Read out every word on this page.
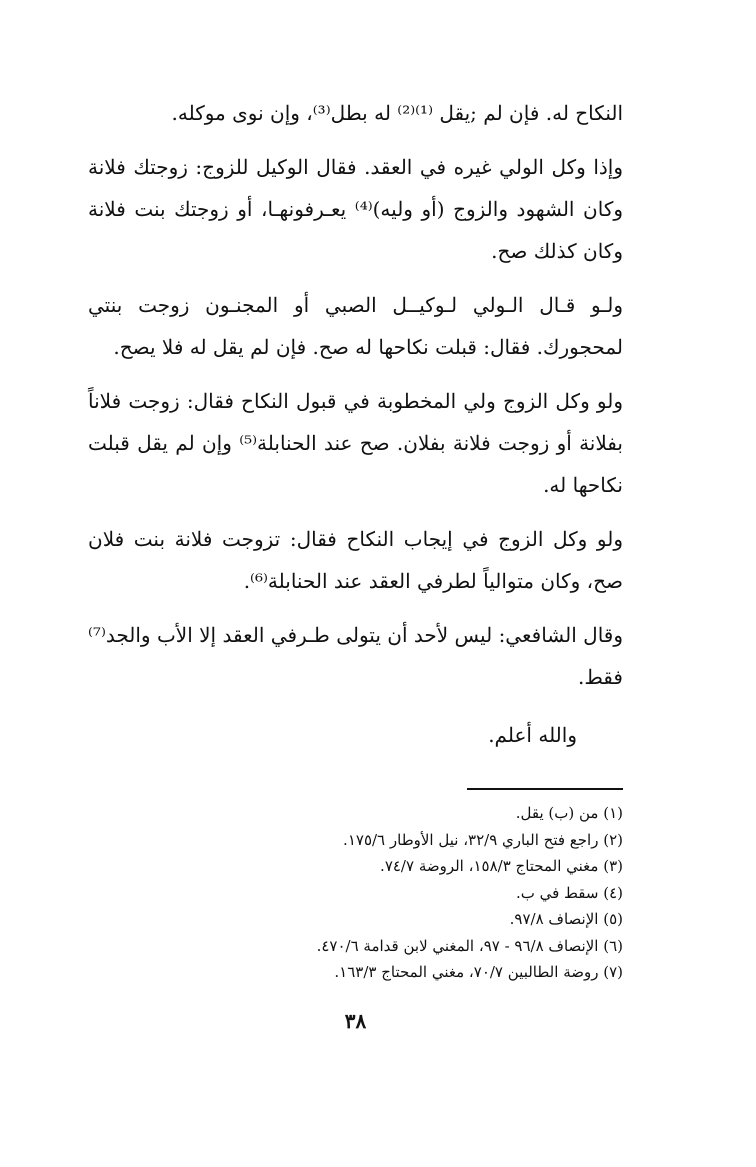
النكاح له. فإن لم ;يقل ⁽¹⁾⁽²⁾ له بطل⁽³⁾، وإن نوى موكله.

وإذا وكل الولي غيره في العقد. فقال الوكيل للزوج: زوجتك فلانة وكان الشهود والزوج (أو وليه)⁽⁴⁾ يعـرفونهـا، أو زوجتك بنت فلانة وكان كذلك صح.

ولـو قـال الـولي لـوكيــل الصبي أو المجنـون زوجت بنتي لمحجورك. فقال: قبلت نكاحها له صح. فإن لم يقل له فلا يصح.

ولو وكل الزوج ولي المخطوبة في قبول النكاح فقال: زوجت فلاناً بفلانة أو زوجت فلانة بفلان. صح عند الحنابلة⁽⁵⁾ وإن لم يقل قبلت نكاحها له.

ولو وكل الزوج في إيجاب النكاح فقال: تزوجت فلانة بنت فلان صح، وكان متوالياً لطرفي العقد عند الحنابلة⁽⁶⁾.

وقال الشافعي: ليس لأحد أن يتولى طـرفي العقد إلا الأب والجد⁽⁷⁾ فقط.

والله أعلم.

(١) من (ب) يقل.
(٢) راجع فتح الباري ٣٢/٩، نيل الأوطار ١٧٥/٦.
(٣) مغني المحتاج ١٥٨/٣، الروضة ٧٤/٧.
(٤) سقط في ب.
(٥) الإنصاف ٩٧/٨.
(٦) الإنصاف ٩٦/٨ - ٩٧، المغني لابن قدامة ٤٧٠/٦.
(٧) روضة الطالبين ٧٠/٧، مغني المحتاج ١٦٣/٣.
٣٨
